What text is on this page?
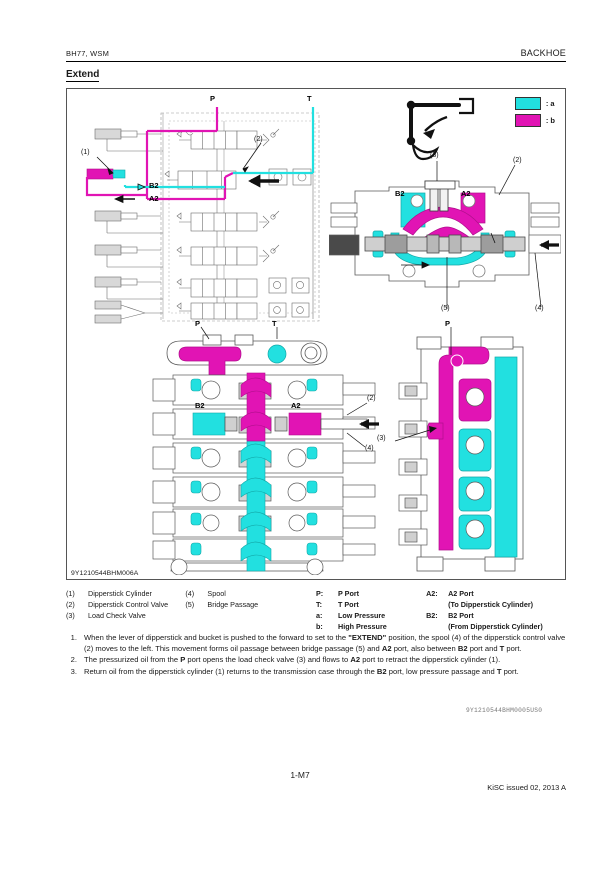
BH77, WSM	BACKHOE
Extend
: a
: b
P	T
(1)
(2)
B2
A2
B2	A2
(3)
(2)
(4)
(5)
P	T
B2	A2
(2)
(4)
P
(3)
9Y1210544BHM006A
(1)	Dipperstick Cylinder
(2)	Dipperstick Control Valve
(3)	Load Check Valve
(4)	Spool
(5)	Bridge Passage
P:	P Port
T:	T Port
a:	Low Pressure
b:	High Pressure
A2:	A2 Port
(To Dipperstick Cylinder)
B2:	B2 Port
(From Dipperstick Cylinder)
1. When the lever of dipperstick and bucket is pushed to the forward to set to the "EXTEND" position, the spool (4) of the dipperstick control valve (2) moves to the left. This movement forms oil passage between bridge passage (5) and A2 port, also between B2 port and T port.
2. The pressurized oil from the P port opens the load check valve (3) and flows to A2 port to retract the dipperstick cylinder (1).
3. Return oil from the dipperstick cylinder (1) returns to the transmission case through the B2 port, low pressure passage and T port.
9Y1210544BHM0005US0
1-M7
KiSC issued 02, 2013 A
